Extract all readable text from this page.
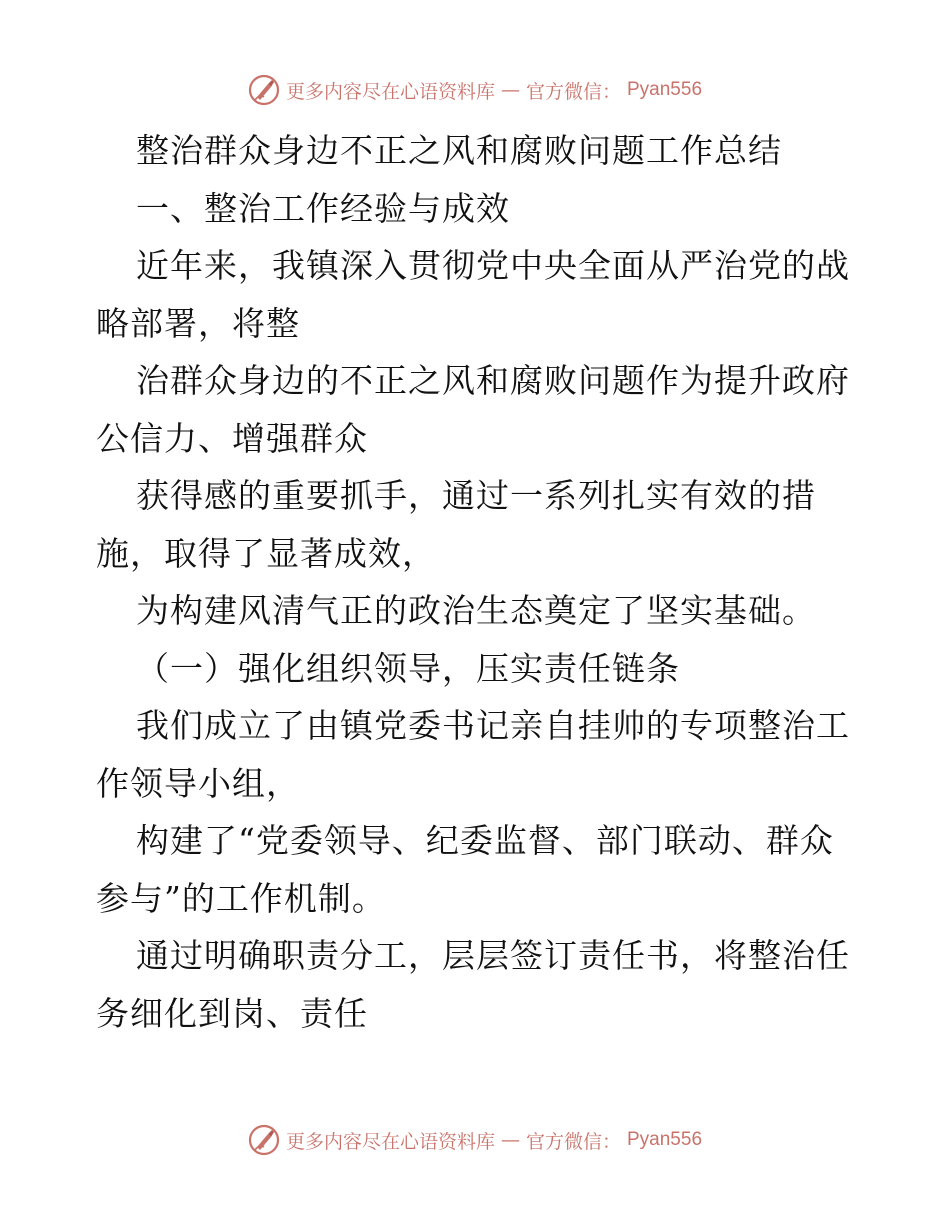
更多内容尽在心语资料库 — 官方微信： Pyan556
整治群众身边不正之风和腐败问题工作总结
一、整治工作经验与成效
近年来，我镇深入贯彻党中央全面从严治党的战
略部署，将整
治群众身边的不正之风和腐败问题作为提升政府
公信力、增强群众
获得感的重要抓手，通过一系列扎实有效的措
施，取得了显著成效，
为构建风清气正的政治生态奠定了坚实基础。
（一）强化组织领导，压实责任链条
我们成立了由镇党委书记亲自挂帅的专项整治工
作领导小组，
构建了“党委领导、纪委监督、部门联动、群众
参与”的工作机制。
通过明确职责分工，层层签订责任书，将整治任
务细化到岗、责任
更多内容尽在心语资料库 — 官方微信： Pyan556
